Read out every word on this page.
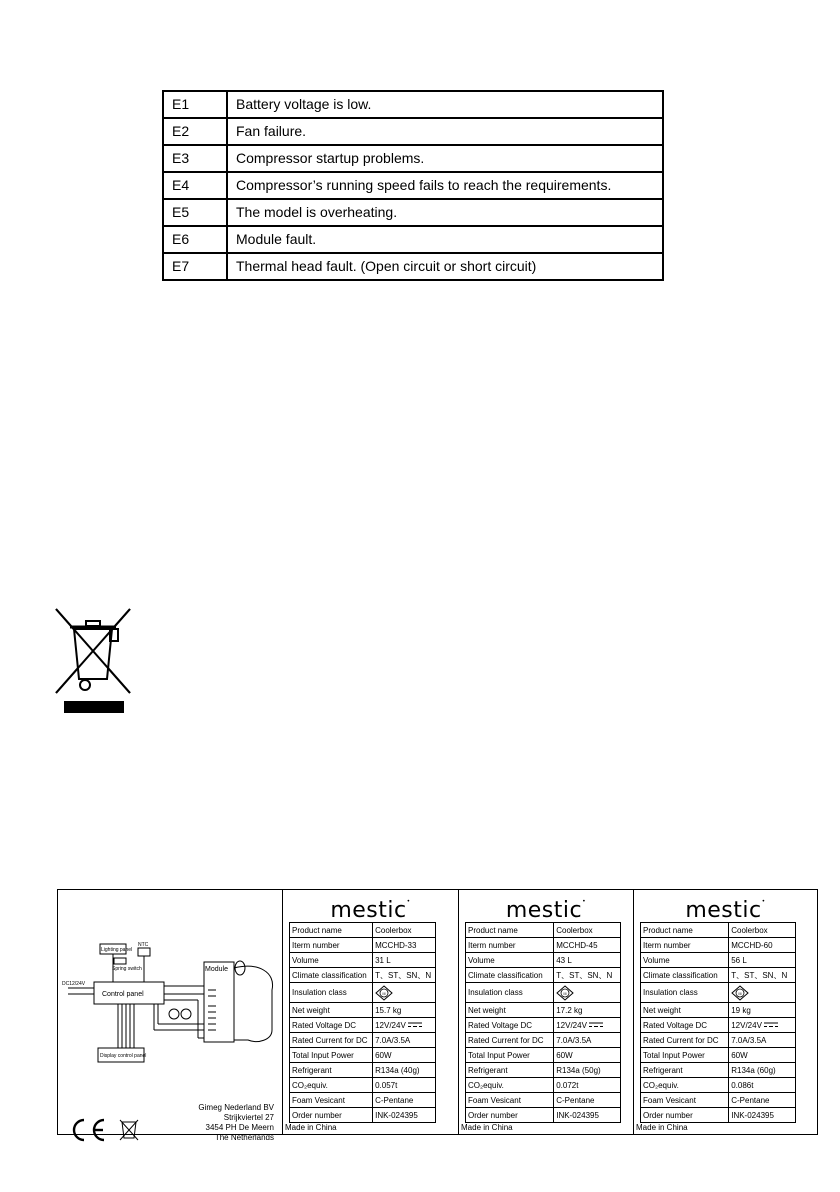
E1	Battery voltage is low.
E2	Fan failure.
E3	Compressor startup problems.
E4	Compressor’s running speed fails to reach the requirements.
E5	The model is overheating.
E6	Module fault.
E7	Thermal head fault. (Open circuit or short circuit)
Lighting panel
Spring switch
NTC
DC12/24V
Display control panel
Control panel
Module
Gimeg Nederland BV
Strijkviertel 27
3454 PH De Meern
The Netherlands
mestic•
Product name	Coolerbox
Iterm number	MCCHD-33
Volume	31 L
Climate classification	T、ST、SN、N
Insulation class	III

Net weight	15.7 kg
Rated Voltage DC	12V/24V
Rated Current for DC	7.0A/3.5A
Total Input Power	60W
Refrigerant	R134a (40g)
CO₂equiv.	0.057t
Foam Vesicant	C-Pentane
Order number	INK-024395
Made in China
mestic•
Product name	Coolerbox
Iterm number	MCCHD-45
Volume	43 L
Climate classification	T、ST、SN、N
Insulation class	III

Net weight	17.2 kg
Rated Voltage DC	12V/24V
Rated Current for DC	7.0A/3.5A
Total Input Power	60W
Refrigerant	R134a (50g)
CO₂equiv.	0.072t
Foam Vesicant	C-Pentane
Order number	INK-024395
Made in China
mestic•
Product name	Coolerbox
Iterm number	MCCHD-60
Volume	56 L
Climate classification	T、ST、SN、N
Insulation class	III

Net weight	19 kg
Rated Voltage DC	12V/24V
Rated Current for DC	7.0A/3.5A
Total Input Power	60W
Refrigerant	R134a (60g)
CO₂equiv.	0.086t
Foam Vesicant	C-Pentane
Order number	INK-024395
Made in China
